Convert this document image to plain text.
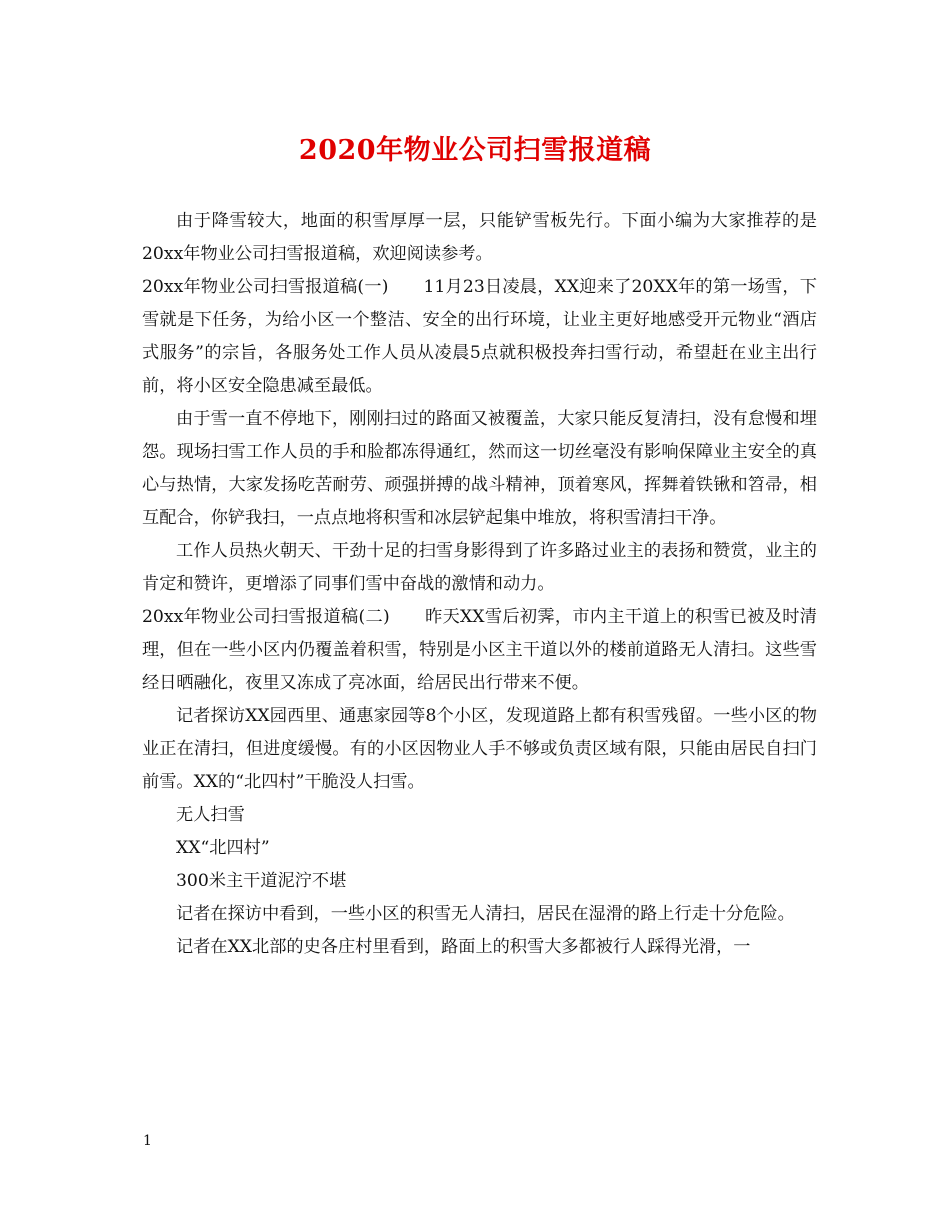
2020年物业公司扫雪报道稿

由于降雪较大，地面的积雪厚厚一层，只能铲雪板先行。下面小编为大家推荐的是20xx年物业公司扫雪报道稿，欢迎阅读参考。

20xx年物业公司扫雪报道稿(一)　　11月23日凌晨，XX迎来了20XX年的第一场雪，下雪就是下任务，为给小区一个整洁、安全的出行环境，让业主更好地感受开元物业“酒店式服务”的宗旨，各服务处工作人员从凌晨5点就积极投奔扫雪行动，希望赶在业主出行前，将小区安全隐患减至最低。

由于雪一直不停地下，刚刚扫过的路面又被覆盖，大家只能反复清扫，没有怠慢和埋怨。现场扫雪工作人员的手和脸都冻得通红，然而这一切丝毫没有影响保障业主安全的真心与热情，大家发扬吃苦耐劳、顽强拼搏的战斗精神，顶着寒风，挥舞着铁锹和笤帚，相互配合，你铲我扫，一点点地将积雪和冰层铲起集中堆放，将积雪清扫干净。

工作人员热火朝天、干劲十足的扫雪身影得到了许多路过业主的表扬和赞赏，业主的肯定和赞许，更增添了同事们雪中奋战的激情和动力。

20xx年物业公司扫雪报道稿(二)　　昨天XX雪后初霁，市内主干道上的积雪已被及时清理，但在一些小区内仍覆盖着积雪，特别是小区主干道以外的楼前道路无人清扫。这些雪经日晒融化，夜里又冻成了亮冰面，给居民出行带来不便。

记者探访XX园西里、通惠家园等8个小区，发现道路上都有积雪残留。一些小区的物业正在清扫，但进度缓慢。有的小区因物业人手不够或负责区域有限，只能由居民自扫门前雪。XX的“北四村”干脆没人扫雪。

无人扫雪

XX“北四村”

300米主干道泥泞不堪

记者在探访中看到，一些小区的积雪无人清扫，居民在湿滑的路上行走十分危险。

记者在XX北部的史各庄村里看到，路面上的积雪大多都被行人踩得光滑，一

1
